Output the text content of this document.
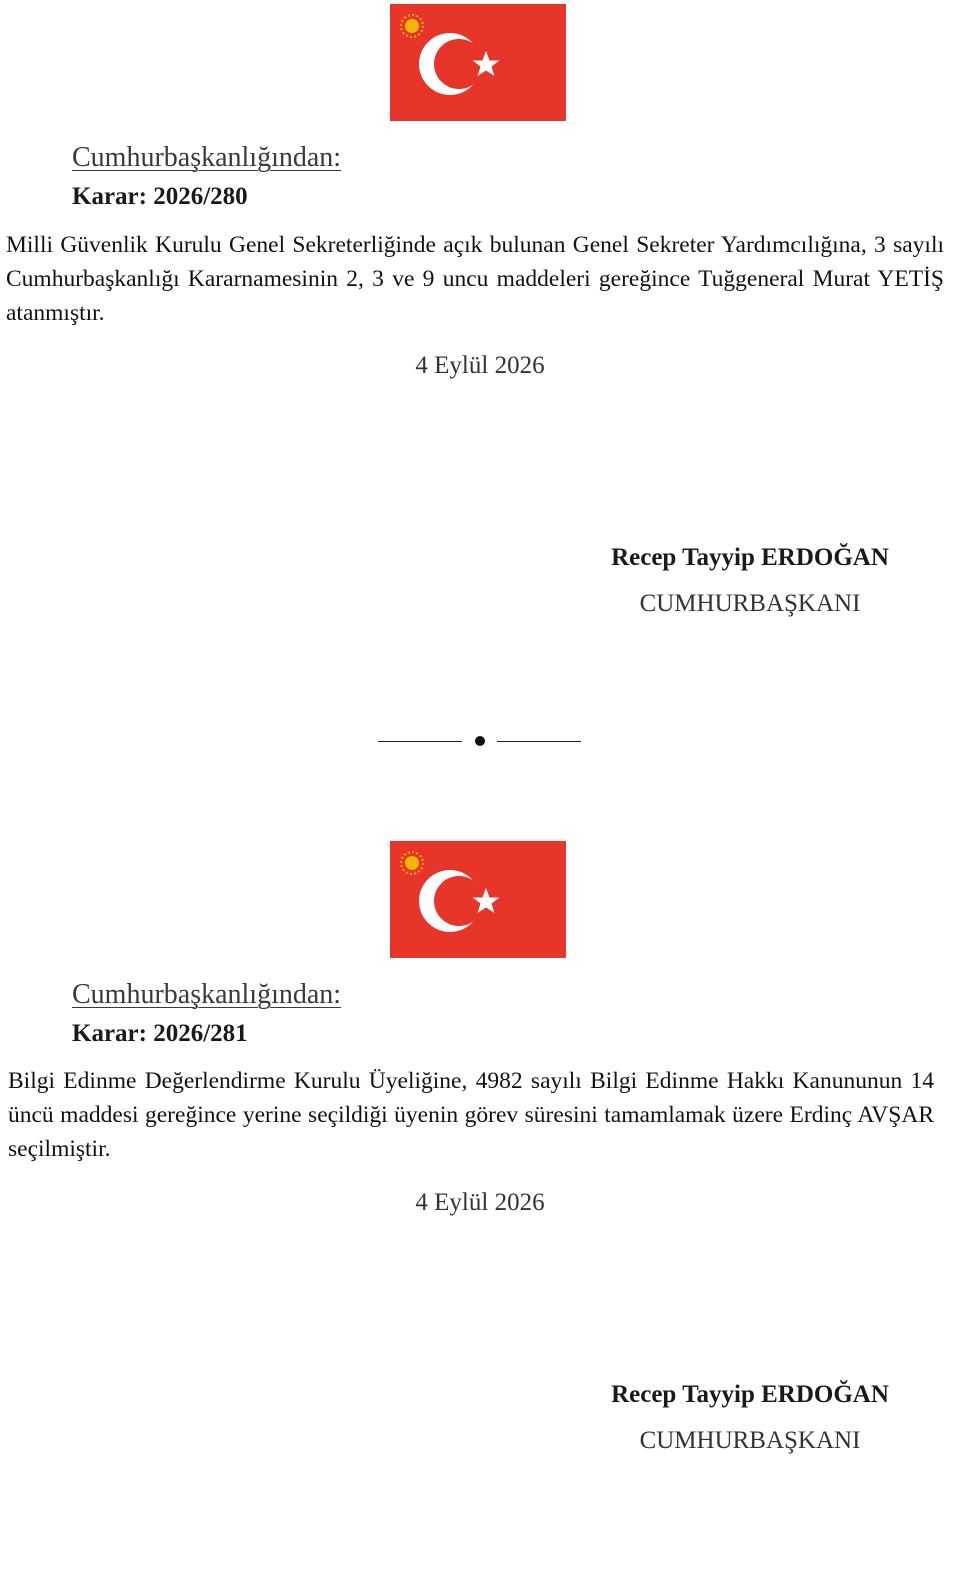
Cumhurbaşkanlığından:
Karar: 2026/280
Milli Güvenlik Kurulu Genel Sekreterliğinde açık bulunan Genel Sekreter Yardımcılığına, 3 sayılı Cumhurbaşkanlığı Kararnamesinin 2, 3 ve 9 uncu maddeleri gereğince Tuğgeneral Murat YETİŞ atanmıştır.
4 Eylül 2026
Recep Tayyip ERDOĞAN
CUMHURBAŞKANI
Cumhurbaşkanlığından:
Karar: 2026/281
Bilgi Edinme Değerlendirme Kurulu Üyeliğine, 4982 sayılı Bilgi Edinme Hakkı Kanununun 14 üncü maddesi gereğince yerine seçildiği üyenin görev süresini tamamlamak üzere Erdinç AVŞAR seçilmiştir.
4 Eylül 2026
Recep Tayyip ERDOĞAN
CUMHURBAŞKANI
